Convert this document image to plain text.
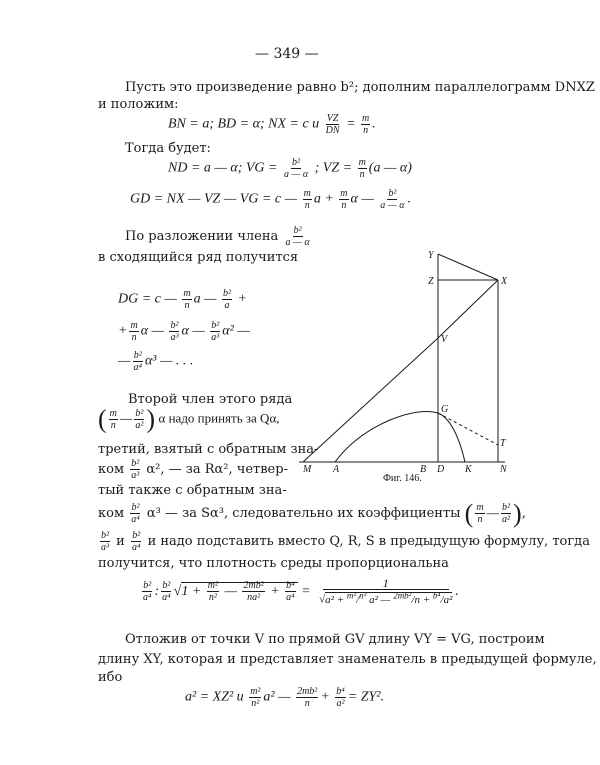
— 349 —
Пусть это произведение равно b²; дополним параллелограмм DNXZ
и положим:
BN = a; BD = α; NX = c и $\frac{VZ}{DN} = \frac{m}{n}$ .
Тогда будет:
ND = a — α; VG = $\frac{\text{b²}}{a — \alpha}$ ; VZ = $\frac{m}{n} (a$ — α)
GD = NX — VZ — VG = c — $\frac{m}{n}$ $a + \frac{m}{n}$ α — $\frac{\text{b²}}{a — \alpha}$ .
По разложении члена $\frac{\text{b²}}{a — \alpha}$
в сходящийся ряд получится
DG = c — $\frac{m}{n}$ a — $\frac{\text{b²}}{a}$ +
+ $\frac{m}{n}$ α — $\frac{\text{b²}}{\text{a³}}$ α — $\frac{\text{b²}}{\text{a³}} \alpha^2$ —
— $\frac{\text{b²}}{\text{a⁴}} \alpha^3$ — . . .
Второй член этого ряда
( $\frac{m}{n}$ — $\frac{\text{b²}}{\text{a²}}$ ) α надо принять за Qα,
третий, взятый с обратным зна-
ком $\frac{\text{b²}}{\text{a³}} \alpha^2$, — за Rα², четвер-
тый также с обратным зна-
ком $\frac{\text{b²}}{\text{a⁴}} \alpha^3$ — за Sα³, следовательно их коэффициенты ( $\frac{m}{n}$ — $\frac{\text{b²}}{\text{a²}}$ ),
$\frac{\text{b²}}{\text{a³}}$ и $\frac{\text{b²}}{\text{a⁴}}$ и надо подставить вместо Q, R, S в предыдущую формулу, тогда
получится, что плотность среды пропорциональна
$\frac{\text{b²}}{\text{a⁴}}$ : $\frac{\text{b²}}{\text{a⁴}} √1 + \frac{\text{m²}}{\text{n²}}$ — $\frac{\text{2mb²}}{\text{na²}} + \frac{\text{b⁴}}{\text{a⁴}} = \frac{1}{√a^2 + ^{m^2}/^{n^2} a^2 — ^{2mb^2}/n + ^{b^4}/a^2}$ .
Отложив от точки V по прямой GV длину VY = VG, построим
длину XY, которая и представляет знаменатель в предыдущей формуле,
ибо
a² = XZ² и $\frac{\text{m²}}{\text{n²}} a^2$ — $\frac{\text{2mb²}}{n} + \frac{\text{b⁴}}{\text{a²}} = ZY^2$.
Y
Z	X
V
G
T
M A	B D K	N
Фиг. 146.
